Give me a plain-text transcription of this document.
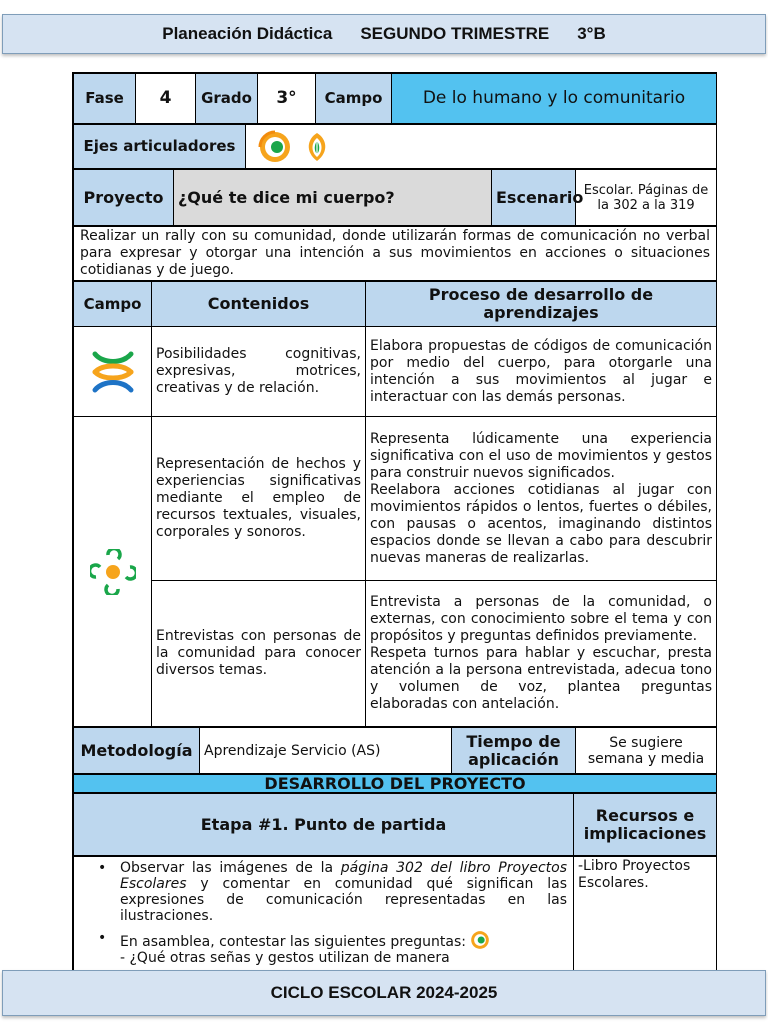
Planeación Didáctica SEGUNDO TRIMESTRE 3°B
Fase	4	Grado	3°	Campo	De lo humano y lo comunitario
Ejes articuladores	
Proyecto	¿Qué te dice mi cuerpo?	Escenario	Escolar. Páginas de la 302 a la 319
Realizar un rally con su comunidad, donde utilizarán formas de comunicación no verbal para expresar y otorgar una intención a sus movimientos en acciones o situaciones cotidianas y de juego.
Campo	Contenidos	Proceso de desarrollo de aprendizajes

	Posibilidades cognitivas, expresivas, motrices, creativas y de relación.	Elabora propuestas de códigos de comunicación por medio del cuerpo, para otorgarle una intención a sus movimientos al jugar e interactuar con las demás personas.

	Representación de hechos y experiencias significativas mediante el empleo de recursos textuales, visuales, corporales y sonoros.	Representa lúdicamente una experiencia significativa con el uso de movimientos y gestos para construir nuevos significados.
Reelabora acciones cotidianas al jugar con movimientos rápidos o lentos, fuertes o débiles, con pausas o acentos, imaginando distintos espacios donde se llevan a cabo para descubrir nuevas maneras de realizarlas.

	Entrevistas con personas de la comunidad para conocer diversos temas.	Entrevista a personas de la comunidad, o externas, con conocimiento sobre el tema y con propósitos y preguntas definidos previamente.
Respeta turnos para hablar y escuchar, presta atención a la persona entrevistada, adecua tono y volumen de voz, plantea preguntas elaboradas con antelación.
Metodología	Aprendizaje Servicio (AS)	Tiempo de aplicación	Se sugiere semana y media
DESARROLLO DEL PROYECTO
Etapa #1. Punto de partida	Recursos e implicaciones
• Observar las imágenes de la página 302 del libro Proyectos Escolares y comentar en comunidad qué significan las expresiones de comunicación representadas en las ilustraciones.
• En asamblea, contestar las siguientes preguntas:
- ¿Qué otras señas y gestos utilizan de manera
	-Libro Proyectos Escolares.
CICLO ESCOLAR 2024-2025
